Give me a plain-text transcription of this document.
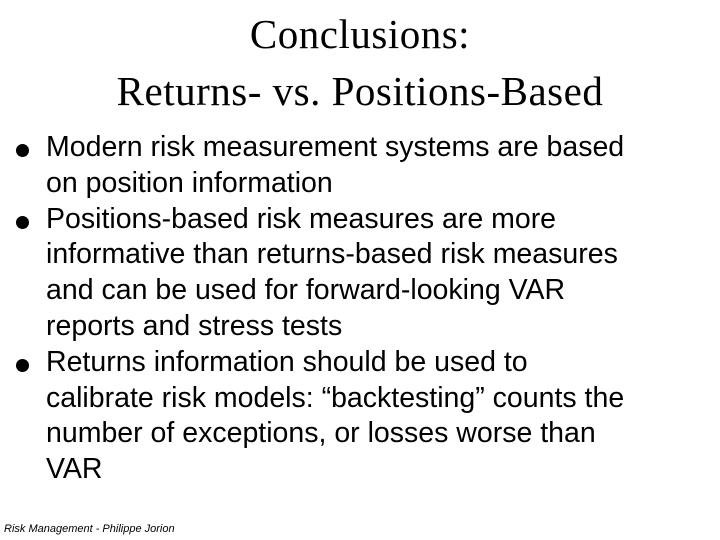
Conclusions:
Returns- vs. Positions-Based
Modern risk measurement systems are based
on position information
Positions-based risk measures are more
informative than returns-based risk measures
and can be used for forward-looking VAR
reports and stress tests
Returns information should be used to
calibrate risk models: “backtesting” counts the
number of exceptions, or losses worse than
VAR
Risk Management - Philippe Jorion
